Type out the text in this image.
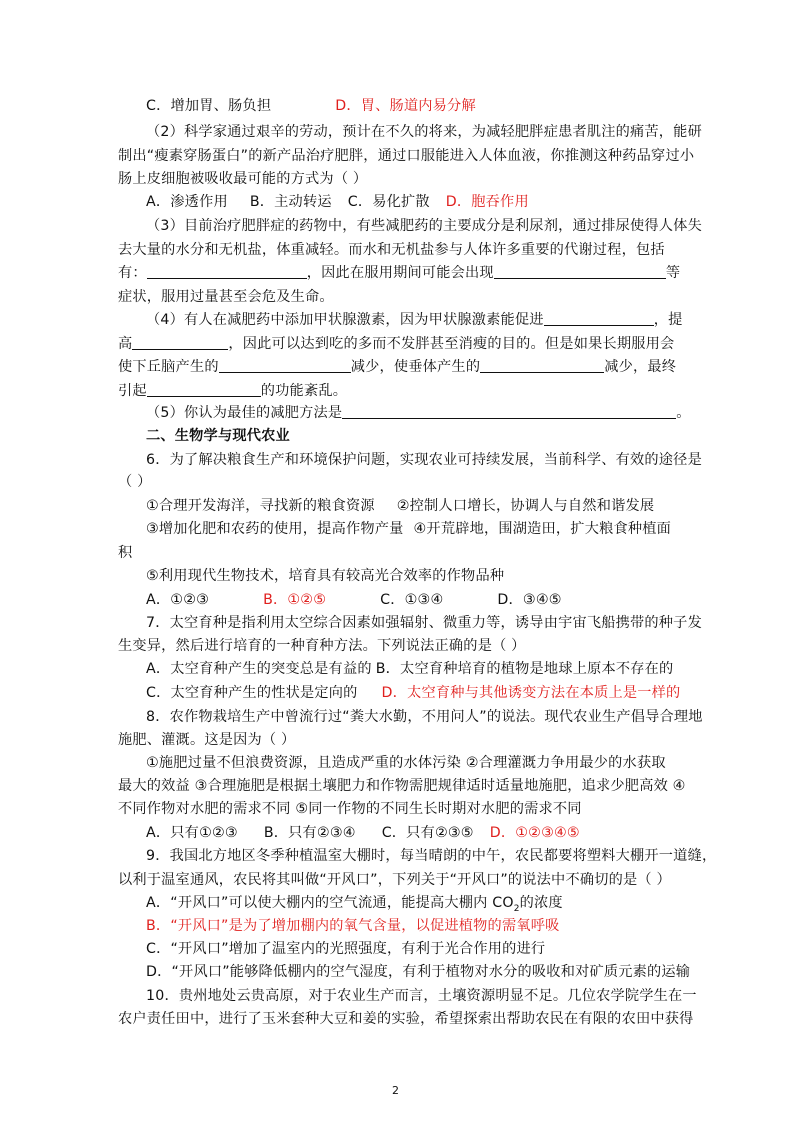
C．增加胃、肠负担	D．胃、肠道内易分解
（2）科学家通过艰辛的劳动，预计在不久的将来，为减轻肥胖症患者肌注的痛苦，能研
制出“瘦素穿肠蛋白”的新产品治疗肥胖，通过口服能进入人体血液，你推测这种药品穿过小
肠上皮细胞被吸收最可能的方式为（ ）
A．渗透作用 B．主动转运 C．易化扩散 D．胞吞作用
（3）目前治疗肥胖症的药物中，有些减肥药的主要成分是利尿剂，通过排尿使得人体失
去大量的水分和无机盐，体重减轻。而水和无机盐参与人体许多重要的代谢过程，包括
有：	，因此在服用期间可能会出现	等
症状，服用过量甚至会危及生命。
（4）有人在减肥药中添加甲状腺激素，因为甲状腺激素能促进	，提
高	，因此可以达到吃的多而不发胖甚至消瘦的目的。但是如果长期服用会
使下丘脑产生的	减少，使垂体产生的	减少，最终
引起	的功能紊乱。
（5）你认为最佳的减肥方法是	。
二、生物学与现代农业
6．为了解决粮食生产和环境保护问题，实现农业可持续发展，当前科学、有效的途径是
（ ）
①合理开发海洋，寻找新的粮食资源 ②控制人口增长，协调人与自然和谐发展
③增加化肥和农药的使用，提高作物产量 ④开荒辟地，围湖造田，扩大粮食种植面
积
⑤利用现代生物技术，培育具有较高光合效率的作物品种
A．①②③	B．①②⑤	C．①③④	D．③④⑤
7．太空育种是指利用太空综合因素如强辐射、微重力等，诱导由宇宙飞船携带的种子发
生变异，然后进行培育的一种育种方法。下列说法正确的是（ ）
A．太空育种产生的突变总是有益的 B．太空育种培育的植物是地球上原本不存在的
C．太空育种产生的性状是定向的 D．太空育种与其他诱变方法在本质上是一样的
8．农作物栽培生产中曾流行过“粪大水勤，不用问人”的说法。现代农业生产倡导合理地
施肥、灌溉。这是因为（ ）
①施肥过量不但浪费资源，且造成严重的水体污染 ②合理灌溉力争用最少的水获取
最大的效益 ③合理施肥是根据土壤肥力和作物需肥规律适时适量地施肥，追求少肥高效 ④
不同作物对水肥的需求不同 ⑤同一作物的不同生长时期对水肥的需求不同
A．只有①②③ B．只有②③④ C．只有②③⑤ D．①②③④⑤
9．我国北方地区冬季种植温室大棚时，每当晴朗的中午，农民都要将塑料大棚开一道缝，
以利于温室通风，农民将其叫做“开风口”，下列关于“开风口”的说法中不确切的是（ ）
A．“开风口”可以使大棚内的空气流通，能提高大棚内 $CO_2$的浓度
B．“开风口”是为了增加棚内的氧气含量，以促进植物的需氧呼吸
C．“开风口”增加了温室内的光照强度，有利于光合作用的进行
D．“开风口”能够降低棚内的空气湿度，有利于植物对水分的吸收和对矿质元素的运输
10．贵州地处云贵高原，对于农业生产而言，土壤资源明显不足。几位农学院学生在一
农户责任田中，进行了玉米套种大豆和姜的实验，希望探索出帮助农民在有限的农田中获得
2
